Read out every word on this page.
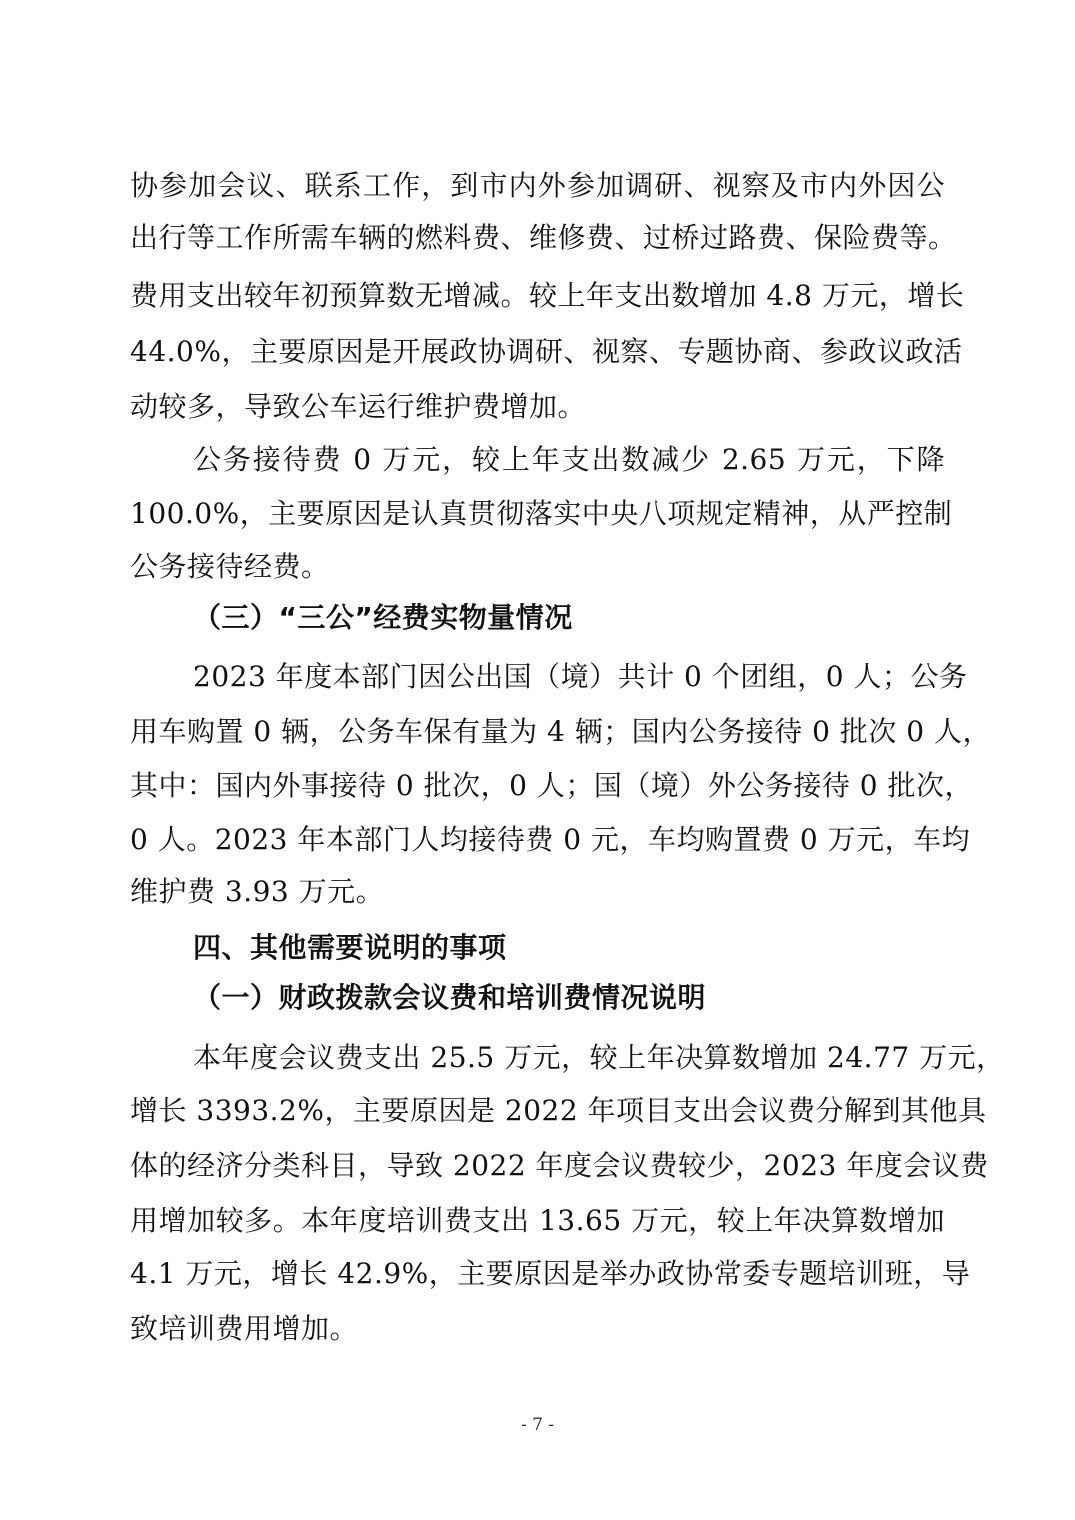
协参加会议、联系工作，到市内外参加调研、视察及市内外因公
出行等工作所需车辆的燃料费、维修费、过桥过路费、保险费等。
费用支出较年初预算数无增减。较上年支出数增加 4.8 万元，增长
44.0%，主要原因是开展政协调研、视察、专题协商、参政议政活
动较多，导致公车运行维护费增加。
公务接待费 0 万元，较上年支出数减少 2.65 万元，下降
100.0%，主要原因是认真贯彻落实中央八项规定精神，从严控制
公务接待经费。
（三）“三公”经费实物量情况
2023 年度本部门因公出国（境）共计 0 个团组，0 人；公务
用车购置 0 辆，公务车保有量为 4 辆；国内公务接待 0 批次 0 人，
其中：国内外事接待 0 批次，0 人；国（境）外公务接待 0 批次，
0 人。2023 年本部门人均接待费 0 元，车均购置费 0 万元，车均
维护费 3.93 万元。
四、其他需要说明的事项
（一）财政拨款会议费和培训费情况说明
本年度会议费支出 25.5 万元，较上年决算数增加 24.77 万元，
增长 3393.2%，主要原因是 2022 年项目支出会议费分解到其他具
体的经济分类科目，导致 2022 年度会议费较少，2023 年度会议费
用增加较多。本年度培训费支出 13.65 万元，较上年决算数增加
4.1 万元，增长 42.9%，主要原因是举办政协常委专题培训班，导
致培训费用增加。
- 7 -
